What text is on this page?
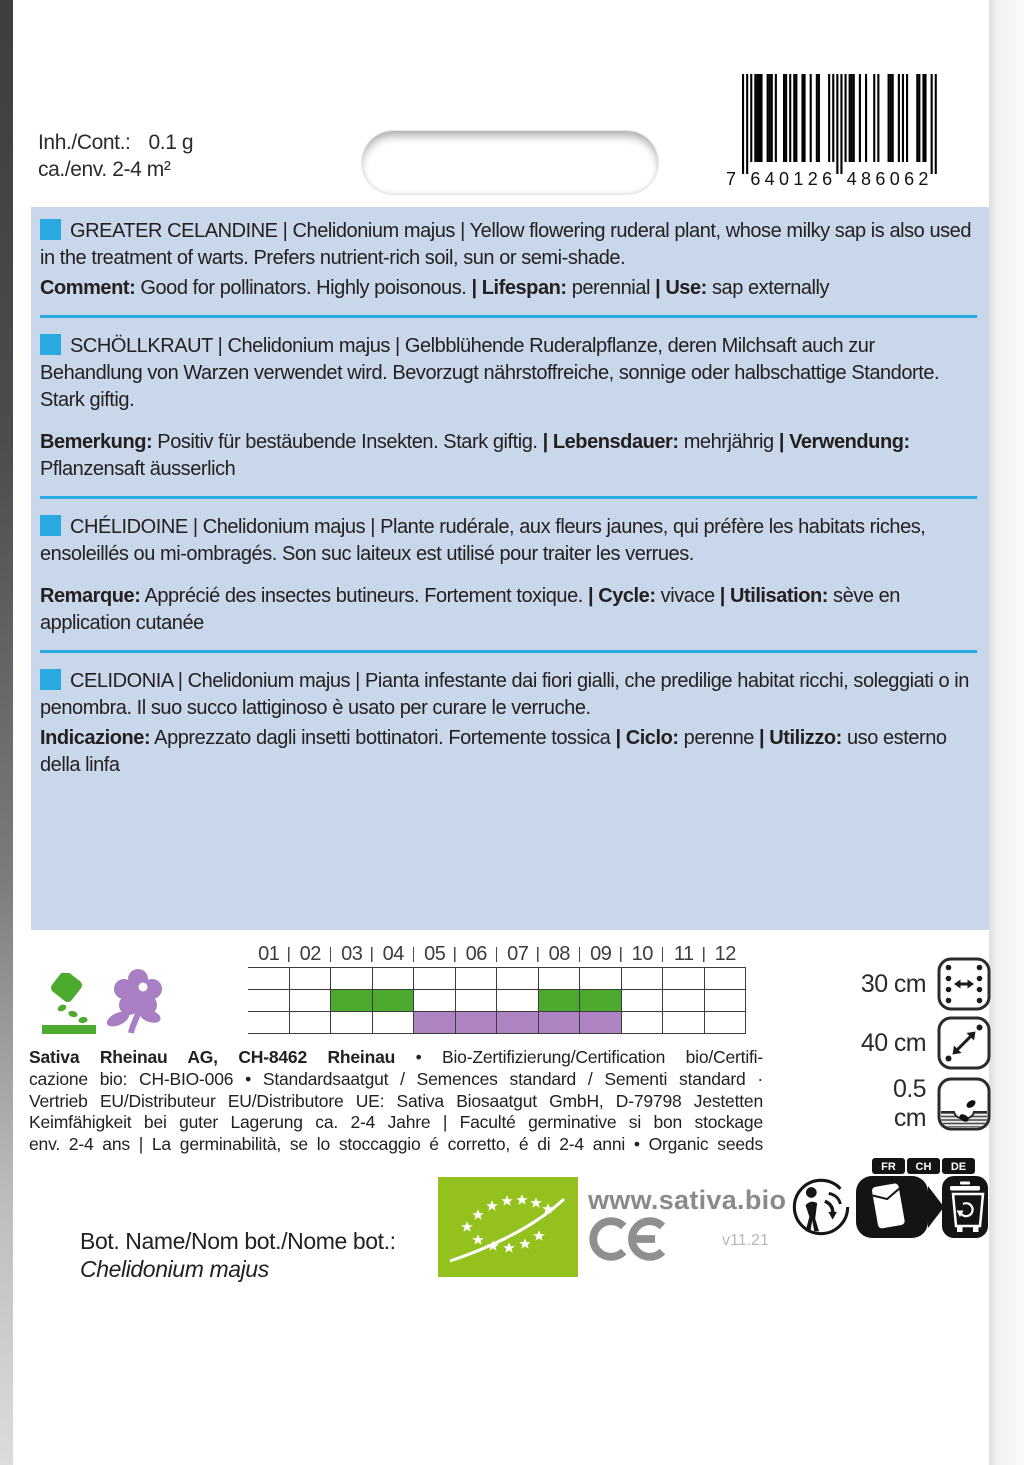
Inh./Cont.: 0.1 g
ca./env. 2-4 m²	7 6 4 0 1 2 6 4 8 6 0 6 2

GREATER CELANDINE | Chelidonium majus | Yellow flowering ruderal plant, whose milky sap is also used in the treatment of warts. Prefers nutrient-rich soil, sun or semi-shade.

Comment: Good for pollinators. Highly poisonous. | Lifespan: perennial | Use: sap externally

SCHÖLLKRAUT | Chelidonium majus | Gelbblühende Ruderalpflanze, deren Milchsaft auch zur Behandlung von Warzen verwendet wird. Bevorzugt nährstoffreiche, sonnige oder halbschattige Standorte. Stark giftig.

Bemerkung: Positiv für bestäubende Insekten. Stark giftig. | Lebensdauer: mehrjährig | Verwendung: Pflanzensaft äusserlich

CHÉLIDOINE | Chelidonium majus | Plante rudérale, aux fleurs jaunes, qui préfère les habitats riches, ensoleillés ou mi-ombragés. Son suc laiteux est utilisé pour traiter les verrues.

Remarque: Apprécié des insectes butineurs. Fortement toxique. | Cycle: vivace | Utilisation: sève en application cutanée

CELIDONIA | Chelidonium majus | Pianta infestante dai fiori gialli, che predilige habitat ricchi, soleggiati o in penombra. Il suo succo lattiginoso è usato per curare le verruche.

Indicazione: Apprezzato dagli insetti bottinatori. Fortemente tossica | Ciclo: perenne | Utilizzo: uso esterno della linfa

01	02	03	04	05	06	07	08	09	10	11	12
30 cm
40 cm
0.5 cm
Sativa Rheinau AG, CH-8462 Rheinau • Bio-Zertifizierung/Certification bio/Certifi-
cazione bio: CH-BIO-006 • Standardsaatgut / Semences standard / Sementi standard ·
Vertrieb EU/Distributeur EU/Distributore UE: Sativa Biosaatgut GmbH, D-79798 Jestetten
Keimfähigkeit bei guter Lagerung ca. 2-4 Jahre | Faculté germinative si bon stockage
env. 2-4 ans | La germinabilità, se lo stoccaggio é corretto, é di 2-4 anni • Organic seeds
www.sativa.bio
v11.21
FR CH DE
Bot. Name/Nom bot./Nome bot.:
Chelidonium majus
